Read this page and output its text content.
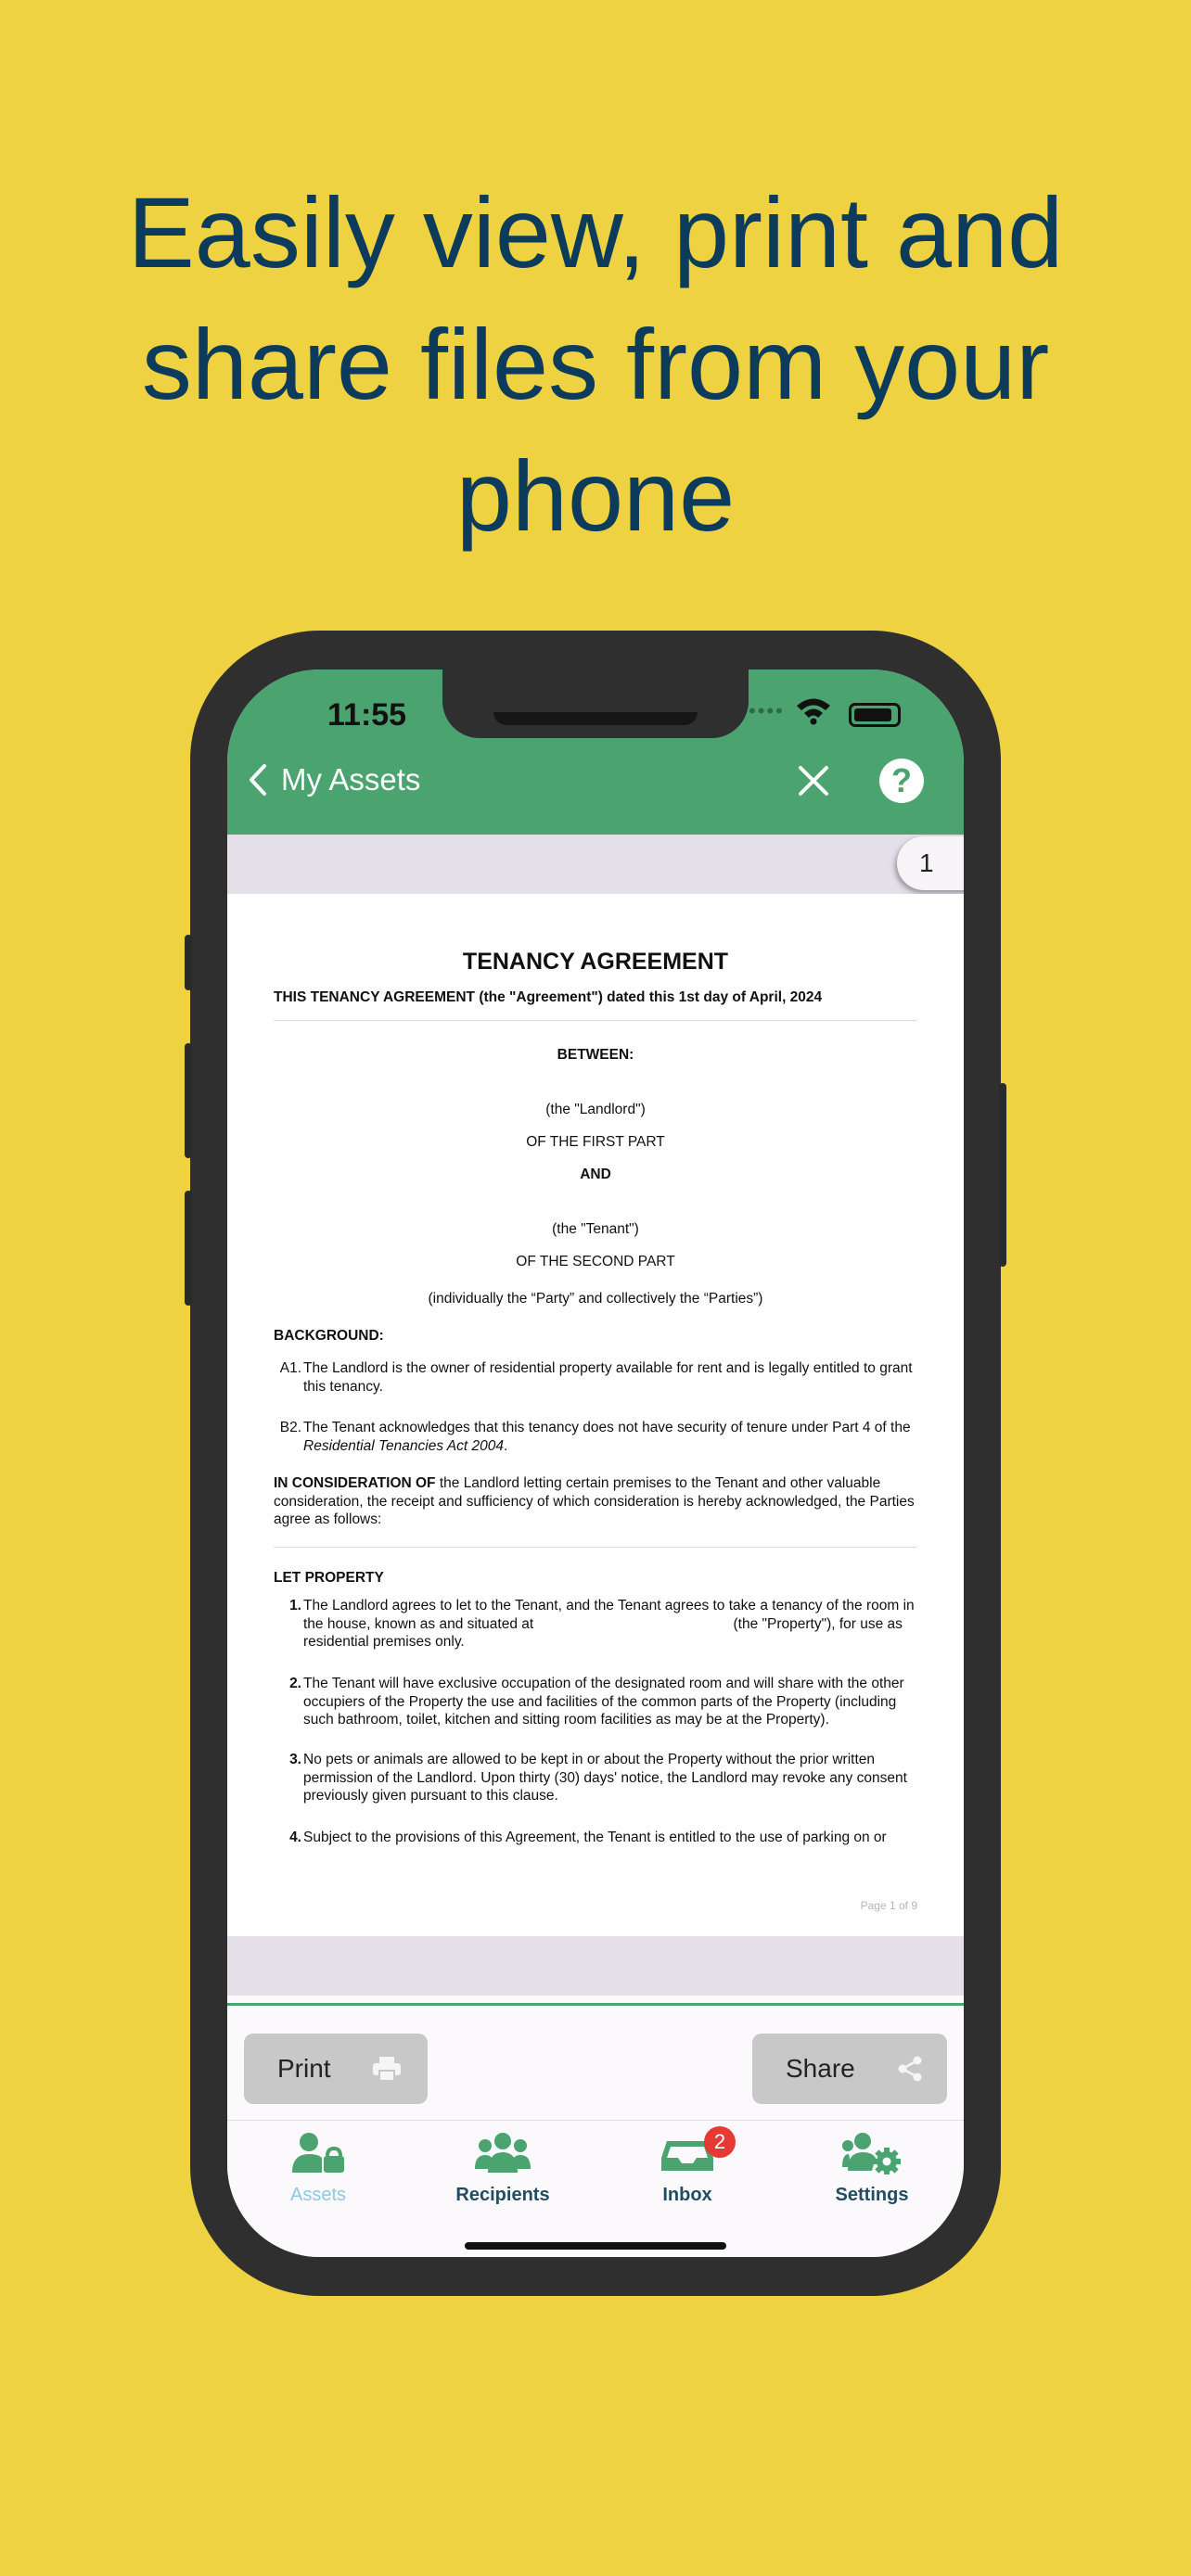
Easily view, print and
share files from your
phone
11:55	••••
My Assets	?
1
TENANCY AGREEMENT
THIS TENANCY AGREEMENT (the "Agreement") dated this 1st day of April, 2024
BETWEEN:
(the "Landlord")
OF THE FIRST PART
AND
(the "Tenant")
OF THE SECOND PART
(individually the “Party” and collectively the “Parties”)
BACKGROUND:
A1. The Landlord is the owner of residential property available for rent and is legally entitled to grant this tenancy.
B2. The Tenant acknowledges that this tenancy does not have security of tenure under Part 4 of the Residential Tenancies Act 2004.
IN CONSIDERATION OF the Landlord letting certain premises to the Tenant and other valuable consideration, the receipt and sufficiency of which consideration is hereby acknowledged, the Parties agree as follows:
LET PROPERTY
1. The Landlord agrees to let to the Tenant, and the Tenant agrees to take a tenancy of the room in the house, known as and situated at                                                  (the "Property"), for use as residential premises only.
2. The Tenant will have exclusive occupation of the designated room and will share with the other occupiers of the Property the use and facilities of the common parts of the Property (including such bathroom, toilet, kitchen and sitting room facilities as may be at the Property).
3. No pets or animals are allowed to be kept in or about the Property without the prior written permission of the Landlord. Upon thirty (30) days' notice, the Landlord may revoke any consent previously given pursuant to this clause.
4. Subject to the provisions of this Agreement, the Tenant is entitled to the use of parking on or
Page 1 of 9
Print	Share
Assets	Recipients
2
Inbox	Settings
